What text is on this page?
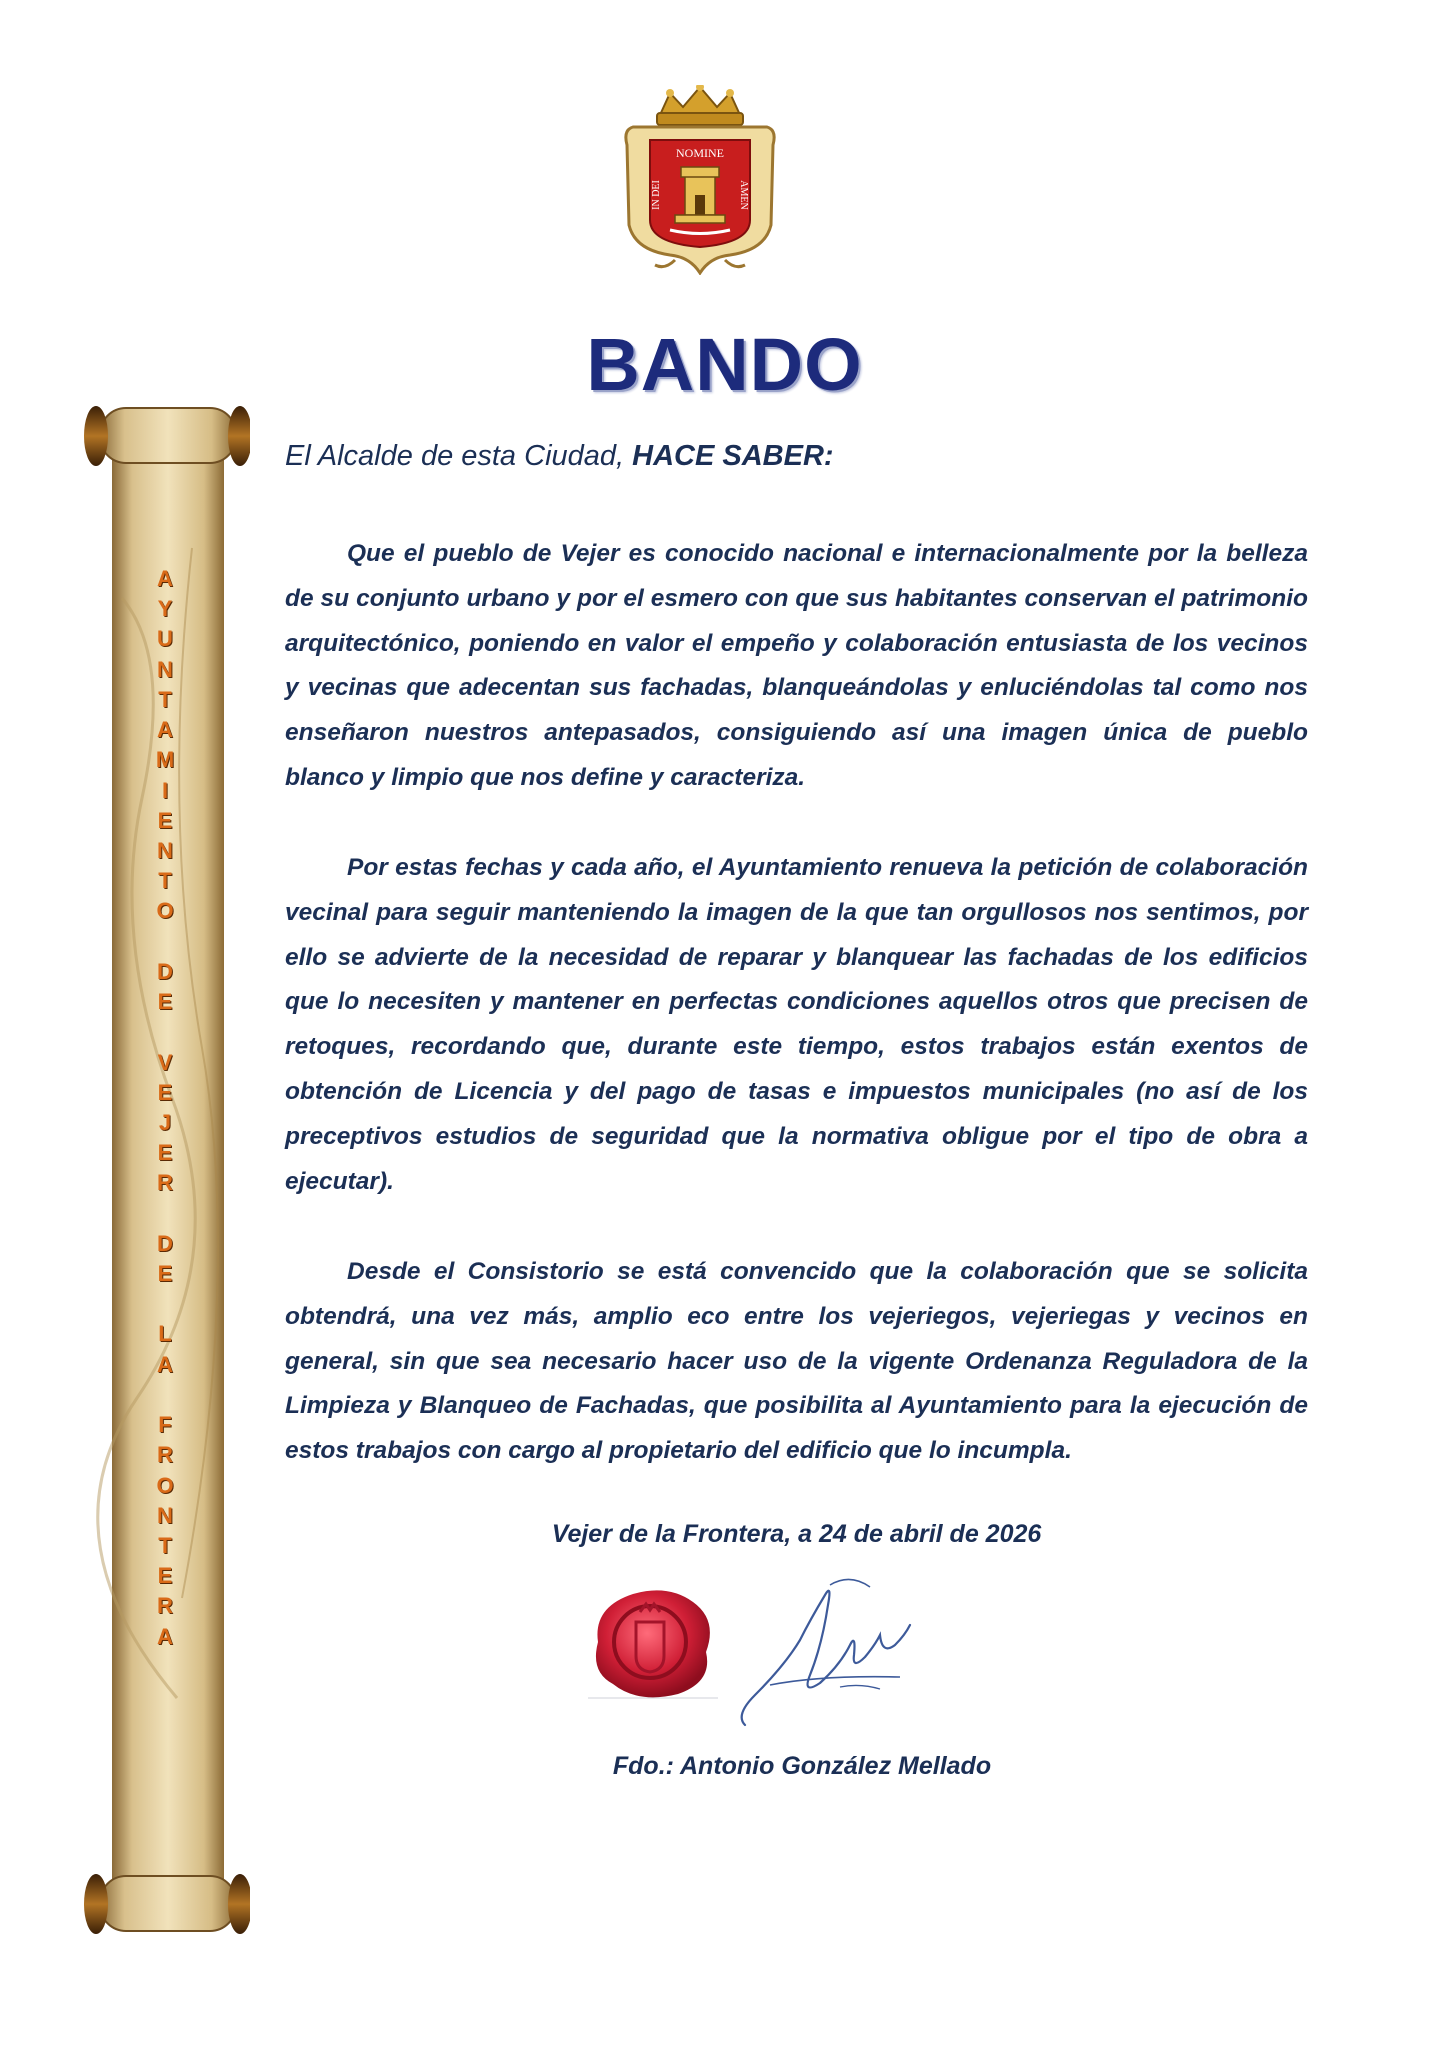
NOMINE
IN DEI	AMEN
BANDO
A
Y
U
N
T
A
M
I
E
N
T
O
D
E
V
E
J
E
R
D
E
L
A
F
R
O
N
T
E
R
A
El Alcalde de esta Ciudad, HACE SABER:

Que el pueblo de Vejer es conocido nacional e internacionalmente por la belleza de su conjunto urbano y por el esmero con que sus habitantes conservan el patrimonio arquitectónico, poniendo en valor el empeño y colaboración entusiasta de los vecinos y vecinas que adecentan sus fachadas, blanqueándolas y enluciéndolas tal como nos enseñaron nuestros antepasados, consiguiendo así una imagen única de pueblo blanco y limpio que nos define y caracteriza.

Por estas fechas y cada año, el Ayuntamiento renueva la petición de colaboración vecinal para seguir manteniendo la imagen de la que tan orgullosos nos sentimos, por ello se advierte de la necesidad de reparar y blanquear las fachadas de los edificios que lo necesiten y mantener en perfectas condiciones aquellos otros que precisen de retoques, recordando que, durante este tiempo, estos trabajos están exentos de obtención de Licencia y del pago de tasas e impuestos municipales (no así de los preceptivos estudios de seguridad que la normativa obligue por el tipo de obra a ejecutar).

Desde el Consistorio se está convencido que la colaboración que se solicita obtendrá, una vez más, amplio eco entre los vejeriegos, vejeriegas y vecinos en general, sin que sea necesario hacer uso de la vigente Ordenanza Reguladora de la Limpieza y Blanqueo de Fachadas, que posibilita al Ayuntamiento para la ejecución de estos trabajos con cargo al propietario del edificio que lo incumpla.

Vejer de la Frontera, a 24 de abril de 2026
Fdo.: Antonio González Mellado
